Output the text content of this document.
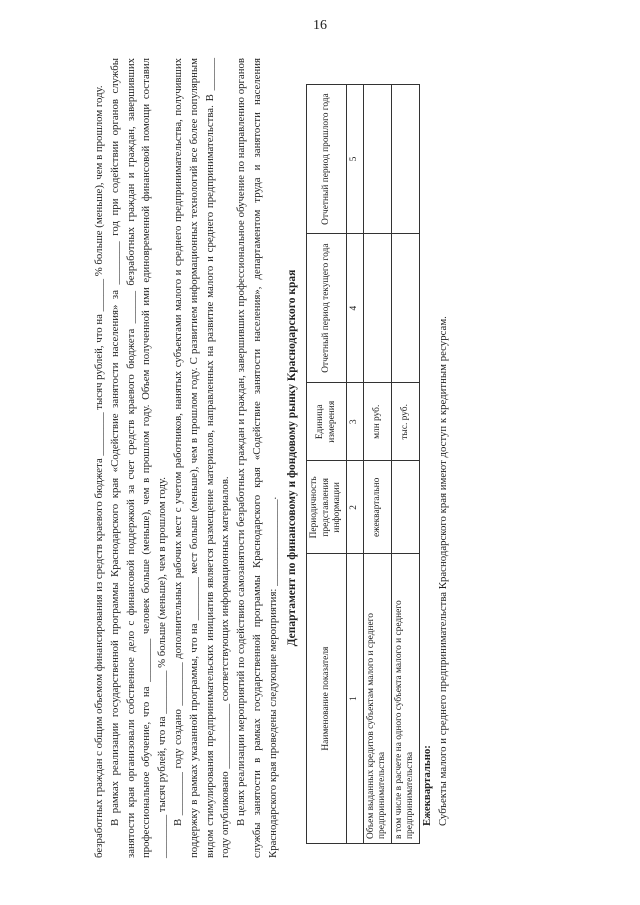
16

безработных граждан с общим объемом финансирования из средств краевого бюджета ________ тысяч рублей, что на ______ % больше (меньше), чем в прошлом году. В рамках реализации государственной программы Краснодарского края «Содействие занятости населения» за ________ год при содействии органов службы занятости края организовали собственное дело с финансовой поддержкой за счет средств краевого бюджета ______ безработных граждан и граждан, завершивших профессиональное обучение, что на ________ человек больше (меньше), чем в прошлом году. Объем полученной ими единовременной финансовой помощи составил ________ тысяч рублей, что на ________ % больше (меньше), чем в прошлом году. В ________ году создано ________ дополнительных рабочих мест с учетом работников, нанятых субъектами малого и среднего предпринимательства, получивших поддержку в рамках указанной программы, что на ________ мест больше (меньше), чем в прошлом году. С развитием информационных технологий все более популярным видом стимулирования предпринимательских инициатив является размещение материалов, направленных на развитие малого и среднего предпринимательства. В ______ году опубликовано ____________ соответствующих информационных материалов. В целях реализации мероприятий по содействию самозанятости безработных граждан и граждан, завершивших профессиональное обучение по направлению органов службы занятости в рамках государственной программы Краснодарского края «Содействие занятости населения», департаментом труда и занятости населения Краснодарского края проведены следующие мероприятия: ________________.

Департамент по финансовому и фондовому рынку Краснодарского края
Наименование показателя	Периодичность представления информации	Единица измерения	Отчетный период текущего года	Отчетный период прошлого года
1	2	3	4	5
Объем выданных кредитов субъектам малого и среднего предпринимательства	ежеквартально	млн руб.		
в том числе в расчете на одного субъекта малого и среднего предпринимательства		тыс. руб.		

Ежеквартально: Субъекты малого и среднего предпринимательства Краснодарского края имеют доступ к кредитным ресурсам.
